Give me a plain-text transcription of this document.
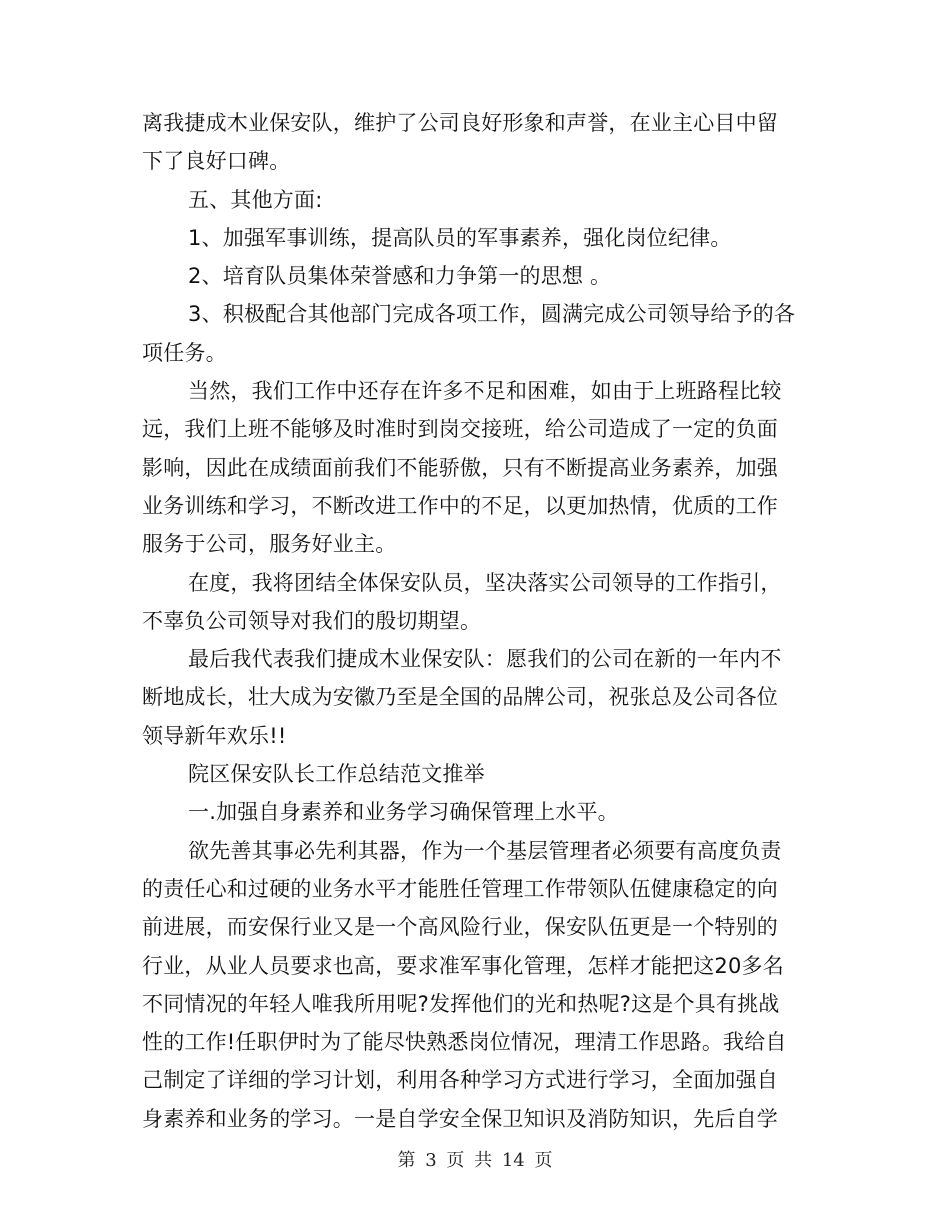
离我捷成木业保安队，维护了公司良好形象和声誉，在业主心目中留
下了良好口碑。
五、其他方面:
1、加强军事训练，提高队员的军事素养，强化岗位纪律。
2、培育队员集体荣誉感和力争第一的思想 。
3、积极配合其他部门完成各项工作，圆满完成公司领导给予的各
项任务。
当然，我们工作中还存在许多不足和困难，如由于上班路程比较
远，我们上班不能够及时准时到岗交接班，给公司造成了一定的负面
影响，因此在成绩面前我们不能骄傲，只有不断提高业务素养，加强
业务训练和学习，不断改进工作中的不足，以更加热情，优质的工作
服务于公司，服务好业主。
在度，我将团结全体保安队员，坚决落实公司领导的工作指引，
不辜负公司领导对我们的殷切期望。
最后我代表我们捷成木业保安队：愿我们的公司在新的一年内不
断地成长，壮大成为安徽乃至是全国的品牌公司，祝张总及公司各位
领导新年欢乐!!
院区保安队长工作总结范文推举
一.加强自身素养和业务学习确保管理上水平。
欲先善其事必先利其器，作为一个基层管理者必须要有高度负责
的责任心和过硬的业务水平才能胜任管理工作带领队伍健康稳定的向
前进展，而安保行业又是一个高风险行业，保安队伍更是一个特别的
行业，从业人员要求也高，要求准军事化管理，怎样才能把这20多名
不同情况的年轻人唯我所用呢?发挥他们的光和热呢?这是个具有挑战
性的工作!任职伊时为了能尽快熟悉岗位情况，理清工作思路。我给自
己制定了详细的学习计划，利用各种学习方式进行学习，全面加强自
身素养和业务的学习。一是自学安全保卫知识及消防知识，先后自学
第 3 页 共 14 页
